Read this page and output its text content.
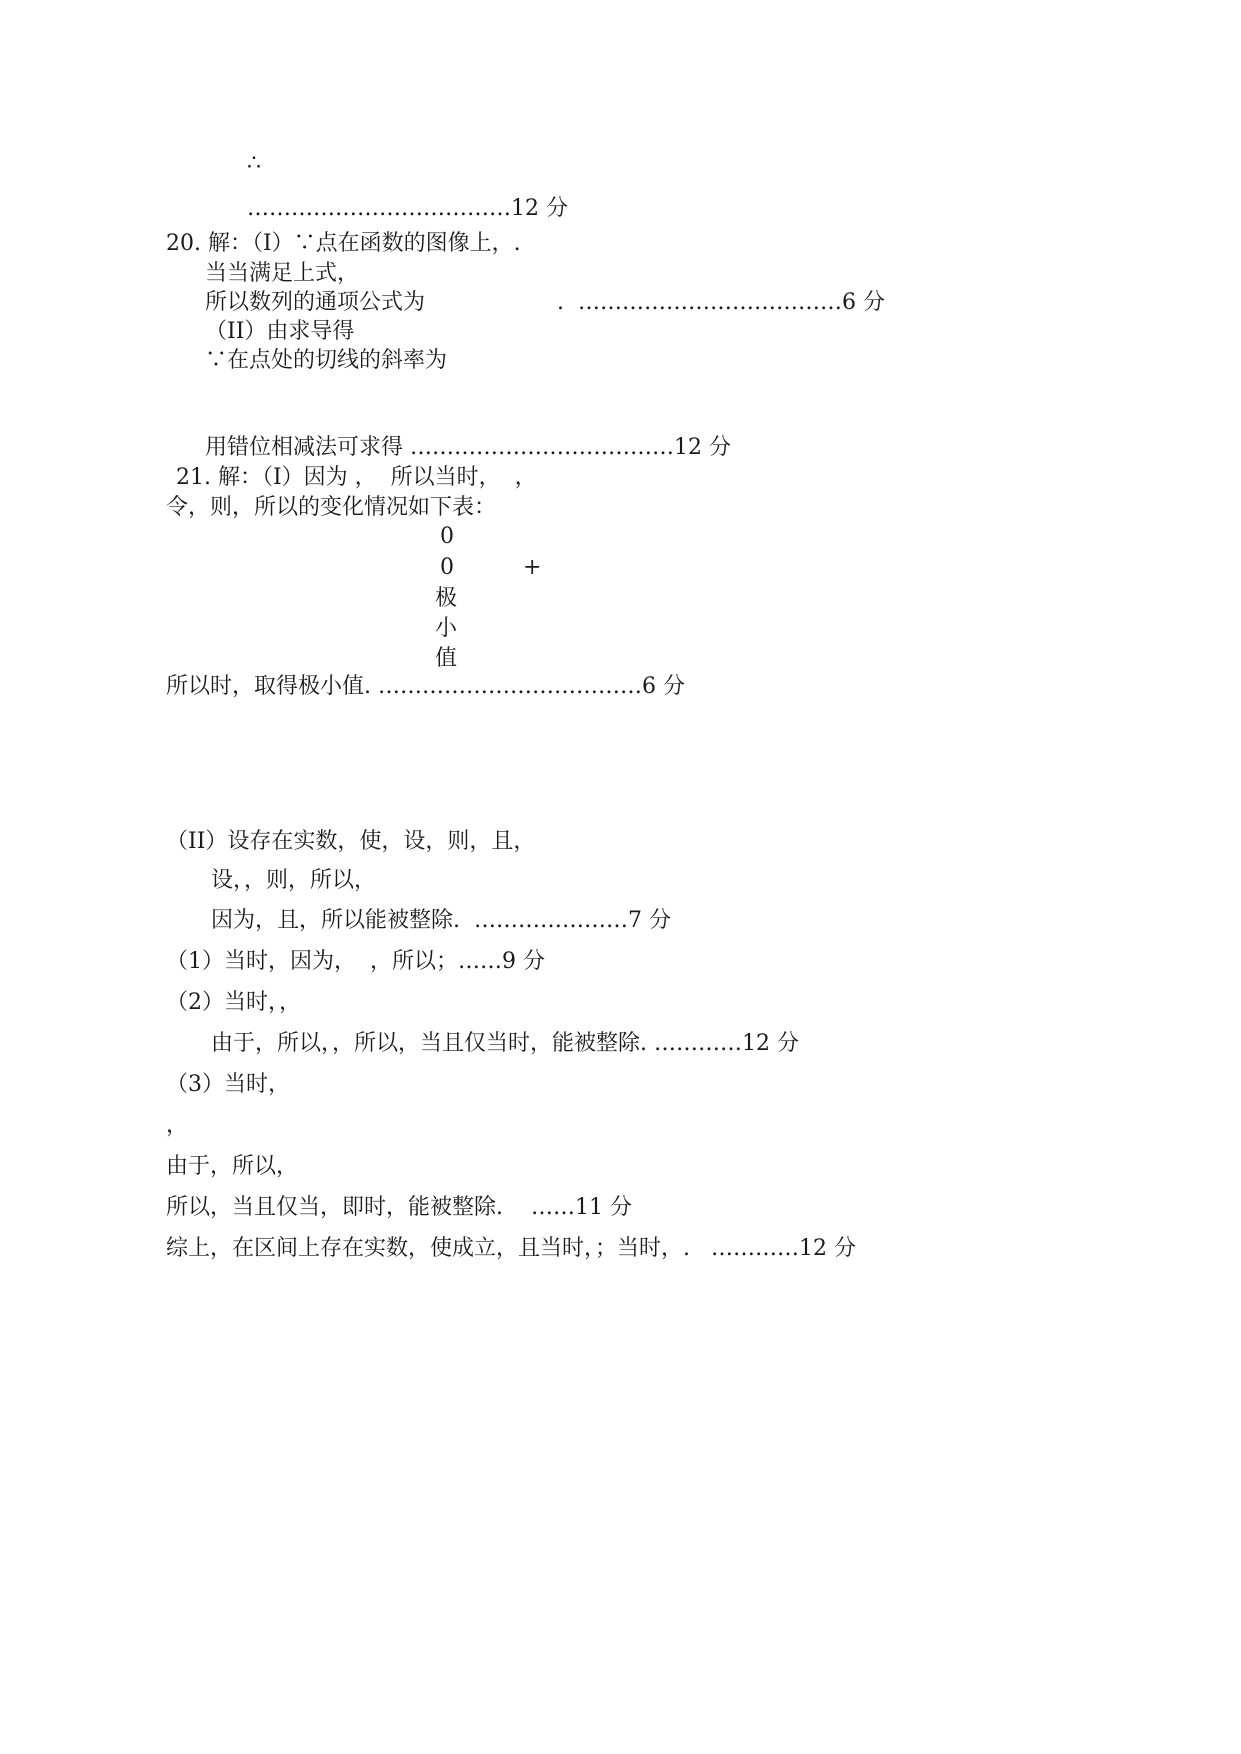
∴

………………………………12 分

20. 解：（I）∵点在函数的图像上，.

当当满足上式，

所以数列的通项公式为	.  ………………………………6 分

（II）由求导得

∵在点处的切线的斜率为

用错位相减法可求得 ………………………………12 分

21. 解：（I）因为 ，  所以当时，  ，

令，则，所以的变化情况如下表：

0

0	+

极

小

值

所以时，取得极小值. ………………………………6 分

（II）设存在实数，使，设，则，且，

设，，则，所以，

因为，且，所以能被整除.  …………………7 分

（1）当时，因为，  ，所以；……9 分

（2）当时，，

由于，所以，，所以，当且仅当时，能被整除. …………12 分

（3）当时，

，

由于，所以，

所以，当且仅当，即时，能被整除.    ……11 分

综上，在区间上存在实数，使成立，且当时，；当时，.   …………12 分
